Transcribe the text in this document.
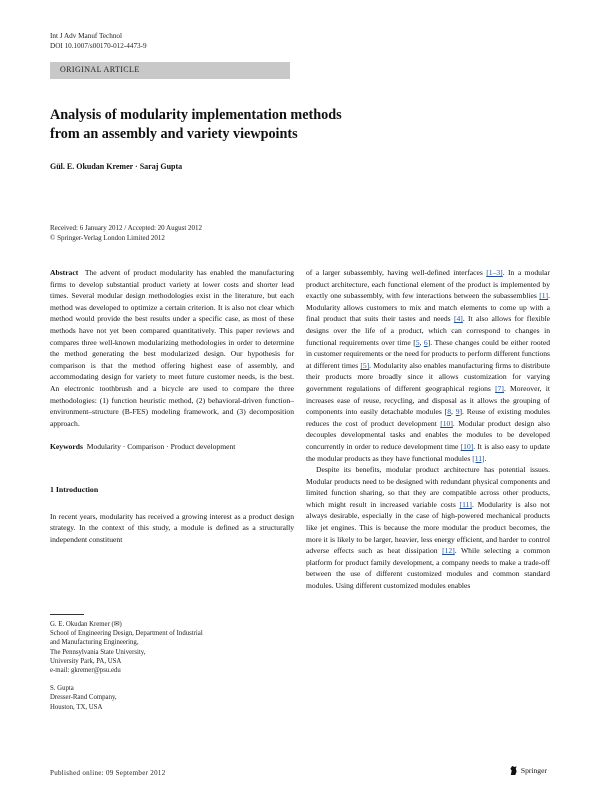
Int J Adv Manuf Technol
DOI 10.1007/s00170-012-4473-9
ORIGINAL ARTICLE
Analysis of modularity implementation methods
from an assembly and variety viewpoints
Gül. E. Okudan Kremer · Saraj Gupta
Received: 6 January 2012 / Accepted: 20 August 2012
© Springer-Verlag London Limited 2012

Abstract The advent of product modularity has enabled the manufacturing firms to develop substantial product variety at lower costs and shorter lead times. Several modular design methodologies exist in the literature, but each method was developed to optimize a certain criterion. It is also not clear which method would provide the best results under a specific case, as most of these methods have not yet been compared quantitatively. This paper reviews and compares three well-known modularizing methodologies in order to determine the method generating the best modularized design. Our hypothesis for comparison is that the method offering highest ease of assembly, and accommodating design for variety to meet future customer needs, is the best. An electronic toothbrush and a bicycle are used to compare the three methodologies: (1) function heuristic method, (2) behavioral-driven function–environment–structure (B-FES) modeling framework, and (3) decomposition approach.

Keywords Modularity · Comparison · Product development

1 Introduction

In recent years, modularity has received a growing interest as a product design strategy. In the context of this study, a module is defined as a structurally independent constituent

G. E. Okudan Kremer (✉)
School of Engineering Design, Department of Industrial
and Manufacturing Engineering,
The Pennsylvania State University,
University Park, PA, USA
e-mail: gkremer@psu.edu
S. Gupta
Dresser-Rand Company,
Houston, TX, USA

of a larger subassembly, having well-defined interfaces [1–3]. In a modular product architecture, each functional element of the product is implemented by exactly one subassembly, with few interactions between the subassemblies [1]. Modularity allows customers to mix and match elements to come up with a final product that suits their tastes and needs [4]. It also allows for flexible designs over the life of a product, which can correspond to changes in functional requirements over time [5, 6]. These changes could be either rooted in customer requirements or the need for products to perform different functions at different times [5]. Modularity also enables manufacturing firms to distribute their products more broadly since it allows customization for varying government regulations of different geographical regions [7]. Moreover, it increases ease of reuse, recycling, and disposal as it allows the grouping of components into easily detachable modules [8, 9]. Reuse of existing modules reduces the cost of product development [10]. Modular product design also decouples developmental tasks and enables the modules to be developed concurrently in order to reduce development time [10]. It is also easy to update the modular products as they have functional modules [11].

Despite its benefits, modular product architecture has potential issues. Modular products need to be designed with redundant physical components and limited function sharing, so that they are compatible across other products, which might result in increased variable costs [11]. Modularity is also not always desirable, especially in the case of high-powered mechanical products like jet engines. This is because the more modular the product becomes, the more it is likely to be larger, heavier, less energy efficient, and harder to control adverse effects such as heat dissipation [12]. While selecting a common platform for product family development, a company needs to make a trade-off between the use of different customized modules and common standard modules. Using different customized modules enables

Published online: 09 September 2012	Springer
